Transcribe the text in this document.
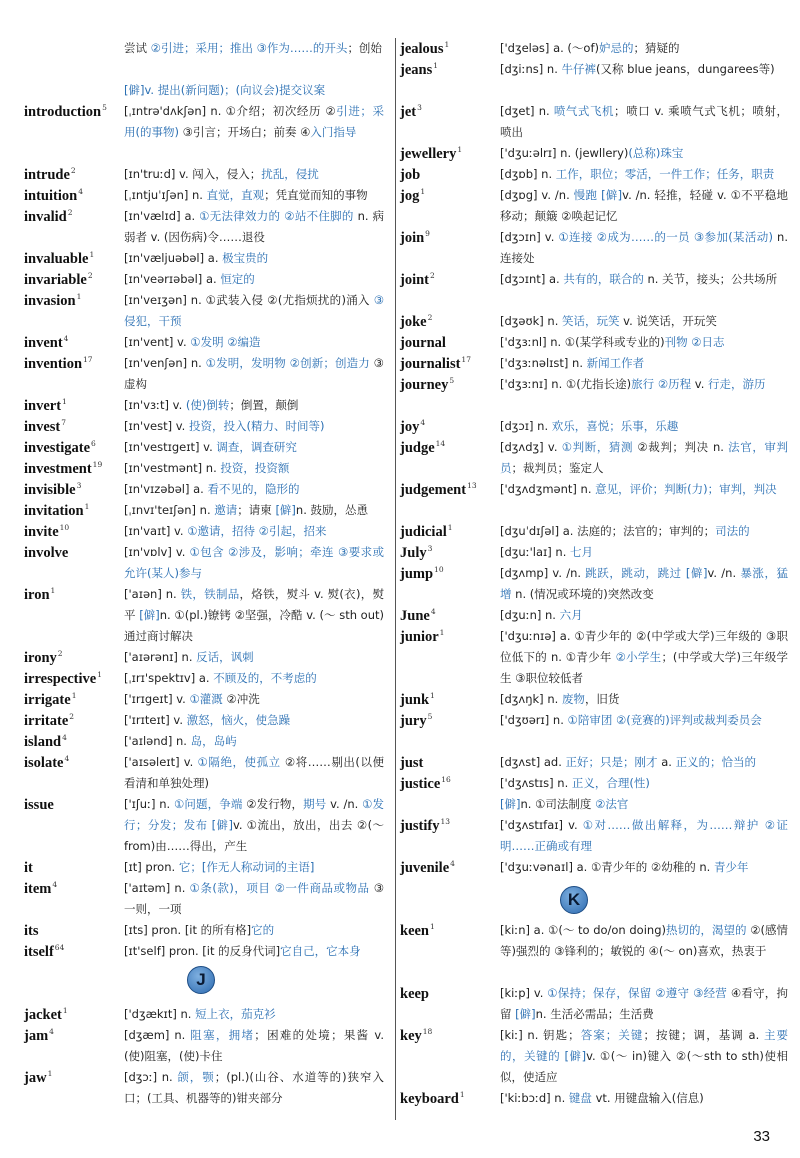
尝试 ②引进；采用；推出 ③作为……的开头；创始
[僻]v. 提出(新问题)；(向议会)提交议案
introduction$^5$	[ˌɪntrə'dʌkʃən] n. ①介绍；初次经历 ②引进；采用(的事物) ③引言；开场白；前奏 ④入门指导
intrude$^2$	[ɪn'truːd] v. 闯入，侵入；扰乱，侵扰
intuition$^4$	[ˌɪntjuˈɪʃən] n. 直觉，直观；凭直觉而知的事物
invalid$^2$	[ɪn'vælɪd] a. ①无法律效力的 ②站不住脚的 n. 病弱者 v. (因伤病)令……退役
invaluable$^1$	[ɪn'væljuəbəl] a. 极宝贵的
invariable$^2$	[ɪn'veərɪəbəl] a. 恒定的
invasion$^1$	[ɪn'veɪʒən] n. ①武装入侵 ②(尤指烦扰的)涌入 ③侵犯，干预
invent$^4$	[ɪn'vent] v. ①发明 ②编造
invention$^{17}$	[ɪn'venʃən] n. ①发明，发明物 ②创新；创造力 ③虚构
invert$^1$	[ɪn'vɜːt] v. (使)倒转；倒置，颠倒
invest$^7$	[ɪn'vest] v. 投资，投入(精力、时间等)
investigate$^6$	[ɪn'vestɪgeɪt] v. 调查，调查研究
investment$^{19}$	[ɪn'vestmənt] n. 投资，投资额
invisible$^3$	[ɪn'vɪzəbəl] a. 看不见的，隐形的
invitation$^1$	[ˌɪnvɪ'teɪʃən] n. 邀请；请柬 [僻]n. 鼓励，怂恿
invite$^{10}$	[ɪn'vaɪt] v. ①邀请，招待 ②引起，招来
involve	[ɪn'vɒlv] v. ①包含 ②涉及，影响；牵连 ③要求或允许(某人)参与
iron$^1$	['aɪən] n. 铁，铁制品，烙铁，熨斗 v. 熨(衣)，熨平 [僻]n. ①(pl.)镣铐 ②坚强，冷酷 v. (～ sth out)通过商讨解决
irony$^2$	['aɪərənɪ] n. 反话，讽刺
irrespective$^1$	[ˌɪrɪ'spektɪv] a. 不顾及的，不考虑的
irrigate$^1$	['ɪrɪgeɪt] v. ①灌溉 ②冲洗
irritate$^2$	['ɪrɪteɪt] v. 激怒，恼火，使急躁
island$^4$	['aɪlənd] n. 岛，岛屿
isolate$^4$	['aɪsəleɪt] v. ①隔绝，使孤立 ②将……剔出(以便看清和单独处理)
issue	['ɪʃuː] n. ①问题，争端 ②发行物，期号 v. /n. ①发行；分发；发布 [僻]v. ①流出，放出，出去 ②(～ from)由……得出，产生
it	[ɪt] pron. 它；[作无人称动词的主语]
item$^4$	['aɪtəm] n. ①条(款)，项目 ②一件商品或物品 ③一则，一项
its	[ɪts] pron. [it 的所有格]它的
itself$^{64}$	[ɪt'self] pron. [it 的反身代词]它自己，它本身
jacket$^1$	['dʒækɪt] n. 短上衣，茄克衫
jam$^4$	[dʒæm] n. 阻塞，拥堵；困难的处境；果酱 v. (使)阻塞，(使)卡住
jaw$^1$	[dʒɔː] n. 颌，颚；(pl.)(山谷、水道等的)狭窄入口；(工具、机器等的)钳夹部分
J
jealous$^1$	['dʒeləs] a. (～of)妒忌的；猜疑的
jeans$^1$	[dʒiːns] n. 牛仔裤(又称 blue jeans，dungarees等)
jet$^3$	[dʒet] n. 喷气式飞机；喷口 v. 乘喷气式飞机；喷射，喷出
jewellery$^1$	['dʒuːəlrɪ] n. (jewllery)(总称)珠宝
job	[dʒɒb] n. 工作，职位；零活，一件工作；任务，职责
jog$^1$	[dʒɒg] v. /n. 慢跑 [僻]v. /n. 轻推，轻碰 v. ①不平稳地移动；颠簸 ②唤起记忆
join$^9$	[dʒɔɪn] v. ①连接 ②成为……的一员 ③参加(某活动) n. 连接处
joint$^2$	[dʒɔɪnt] a. 共有的，联合的 n. 关节，接头；公共场所
joke$^2$	[dʒəʊk] n. 笑话，玩笑 v. 说笑话，开玩笑
journal	['dʒɜːnl] n. ①(某学科或专业的)刊物 ②日志
journalist$^{17}$	['dʒɜːnəlɪst] n. 新闻工作者
journey$^5$	['dʒɜːnɪ] n. ①(尤指长途)旅行 ②历程 v. 行走，游历
joy$^4$	[dʒɔɪ] n. 欢乐，喜悦；乐事，乐趣
judge$^{14}$	[dʒʌdʒ] v. ①判断，猜测 ②裁判；判决 n. 法官，审判员；裁判员；鉴定人
judgement$^{13}$	['dʒʌdʒmənt] n. 意见，评价；判断(力)；审判，判决
judicial$^1$	[dʒuˈdɪʃəl] a. 法庭的；法官的；审判的；司法的
July$^3$	[dʒuː'laɪ] n. 七月
jump$^{10}$	[dʒʌmp] v. /n. 跳跃，跳动，跳过 [僻]v. /n. 暴涨，猛增 n. (情况或环境的)突然改变
June$^4$	[dʒuːn] n. 六月
junior$^1$	['dʒuːnɪə] a. ①青少年的 ②(中学或大学)三年级的 ③职位低下的 n. ①青少年 ②小学生；(中学或大学)三年级学生 ③职位较低者
junk$^1$	[dʒʌŋk] n. 废物，旧货
jury$^5$	['dʒʊərɪ] n. ①陪审团 ②(竞赛的)评判或裁判委员会
just	[dʒʌst] ad. 正好；只是；刚才 a. 正义的；恰当的
justice$^{16}$	['dʒʌstɪs] n. 正义，合理(性)
[僻]n. ①司法制度 ②法官
justify$^{13}$	['dʒʌstɪfaɪ] v. ①对……做出解释，为……辩护 ②证明……正确或有理
juvenile$^4$	['dʒuːvənaɪl] a. ①青少年的 ②幼稚的 n. 青少年
keen$^1$	[kiːn] a. ①(～ to do/on doing)热切的，渴望的 ②(感情等)强烈的 ③锋利的；敏锐的 ④(～ on)喜欢，热衷于
keep	[kiːp] v. ①保持；保存，保留 ②遵守 ③经营 ④看守，拘留 [僻]n. 生活必需品；生活费
key$^{18}$	[kiː] n. 钥匙；答案；关键；按键；调，基调 a. 主要的，关键的 [僻]v. ①(～ in)键入 ②(～sth to sth)使相似，使适应
keyboard$^1$	['kiːbɔːd] n. 键盘 vt. 用键盘输入(信息)
K
33
